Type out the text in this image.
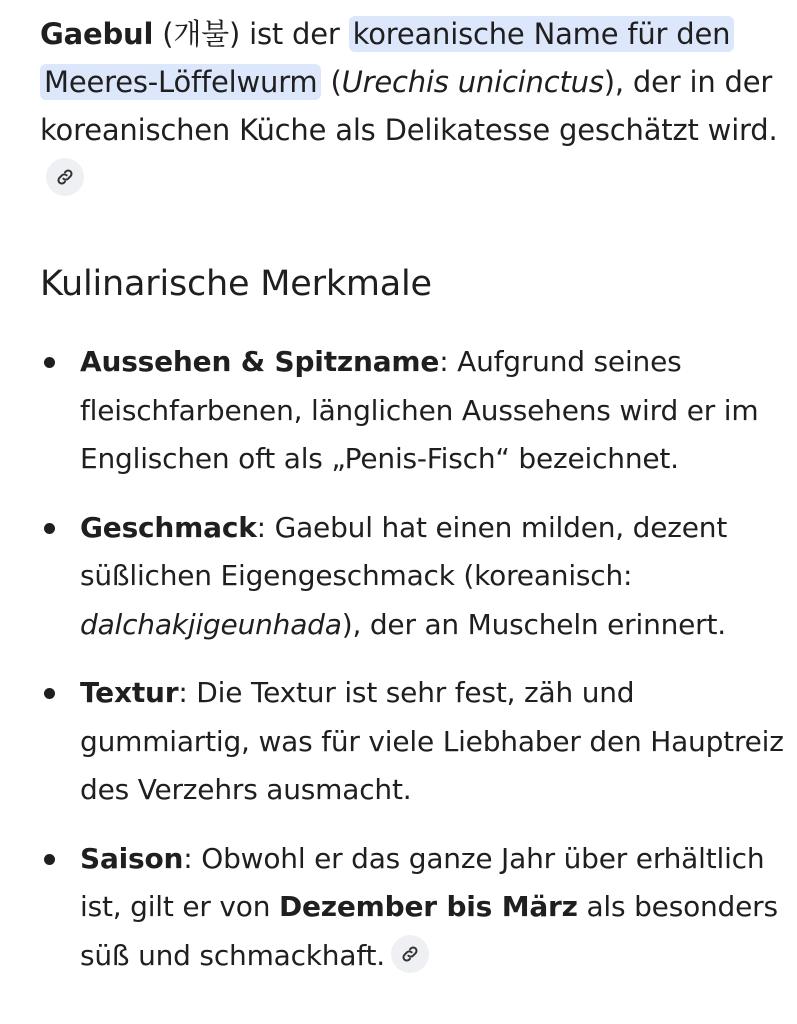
Gaebul (개불) ist der koreanische Name für den Meeres-Löffelwurm (Urechis unicinctus), der in der koreanischen Küche als Delikatesse geschätzt wird.

Kulinarische Merkmale
Aussehen & Spitzname: Aufgrund seines fleischfarbenen, länglichen Aussehens wird er im Englischen oft als „Penis-Fisch“ bezeichnet.
Geschmack: Gaebul hat einen milden, dezent süßlichen Eigengeschmack (koreanisch: dalchakjigeunhada), der an Muscheln erinnert.
Textur: Die Textur ist sehr fest, zäh und gummiartig, was für viele Liebhaber den Hauptreiz des Verzehrs ausmacht.
Saison: Obwohl er das ganze Jahr über erhältlich ist, gilt er von Dezember bis März als besonders süß und schmackhaft.
